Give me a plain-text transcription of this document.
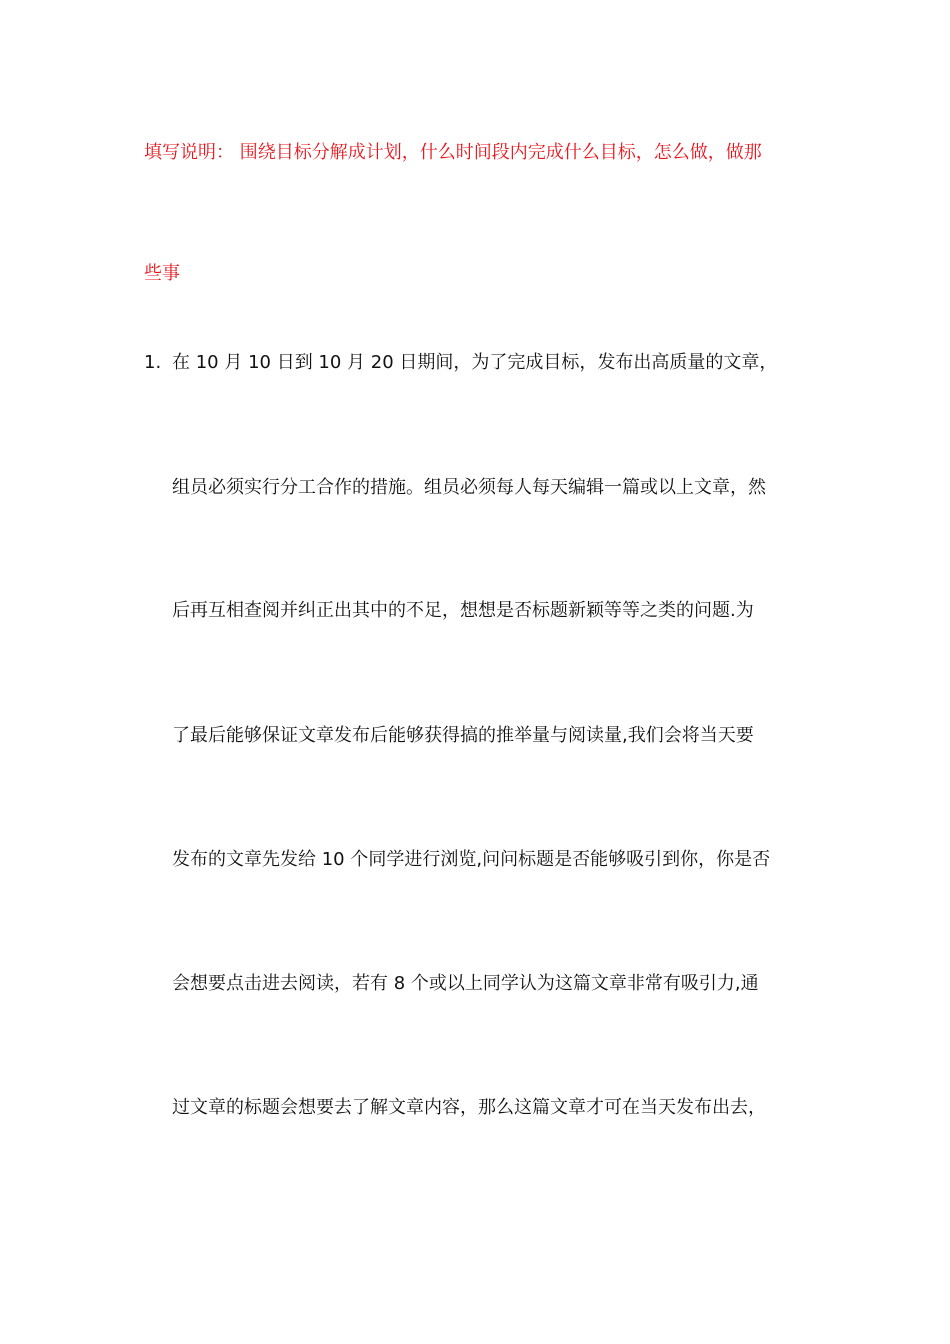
填写说明： 围绕目标分解成计划，什么时间段内完成什么目标，怎么做，做那
些事
1. 在 10 月 10 日到 10 月 20 日期间，为了完成目标，发布出高质量的文章，
组员必须实行分工合作的措施。组员必须每人每天编辑一篇或以上文章，然
后再互相查阅并纠正出其中的不足，想想是否标题新颖等等之类的问题.为
了最后能够保证文章发布后能够获得搞的推举量与阅读量,我们会将当天要
发布的文章先发给 10 个同学进行浏览,问问标题是否能够吸引到你，你是否
会想要点击进去阅读，若有 8 个或以上同学认为这篇文章非常有吸引力,通
过文章的标题会想要去了解文章内容，那么这篇文章才可在当天发布出去，
